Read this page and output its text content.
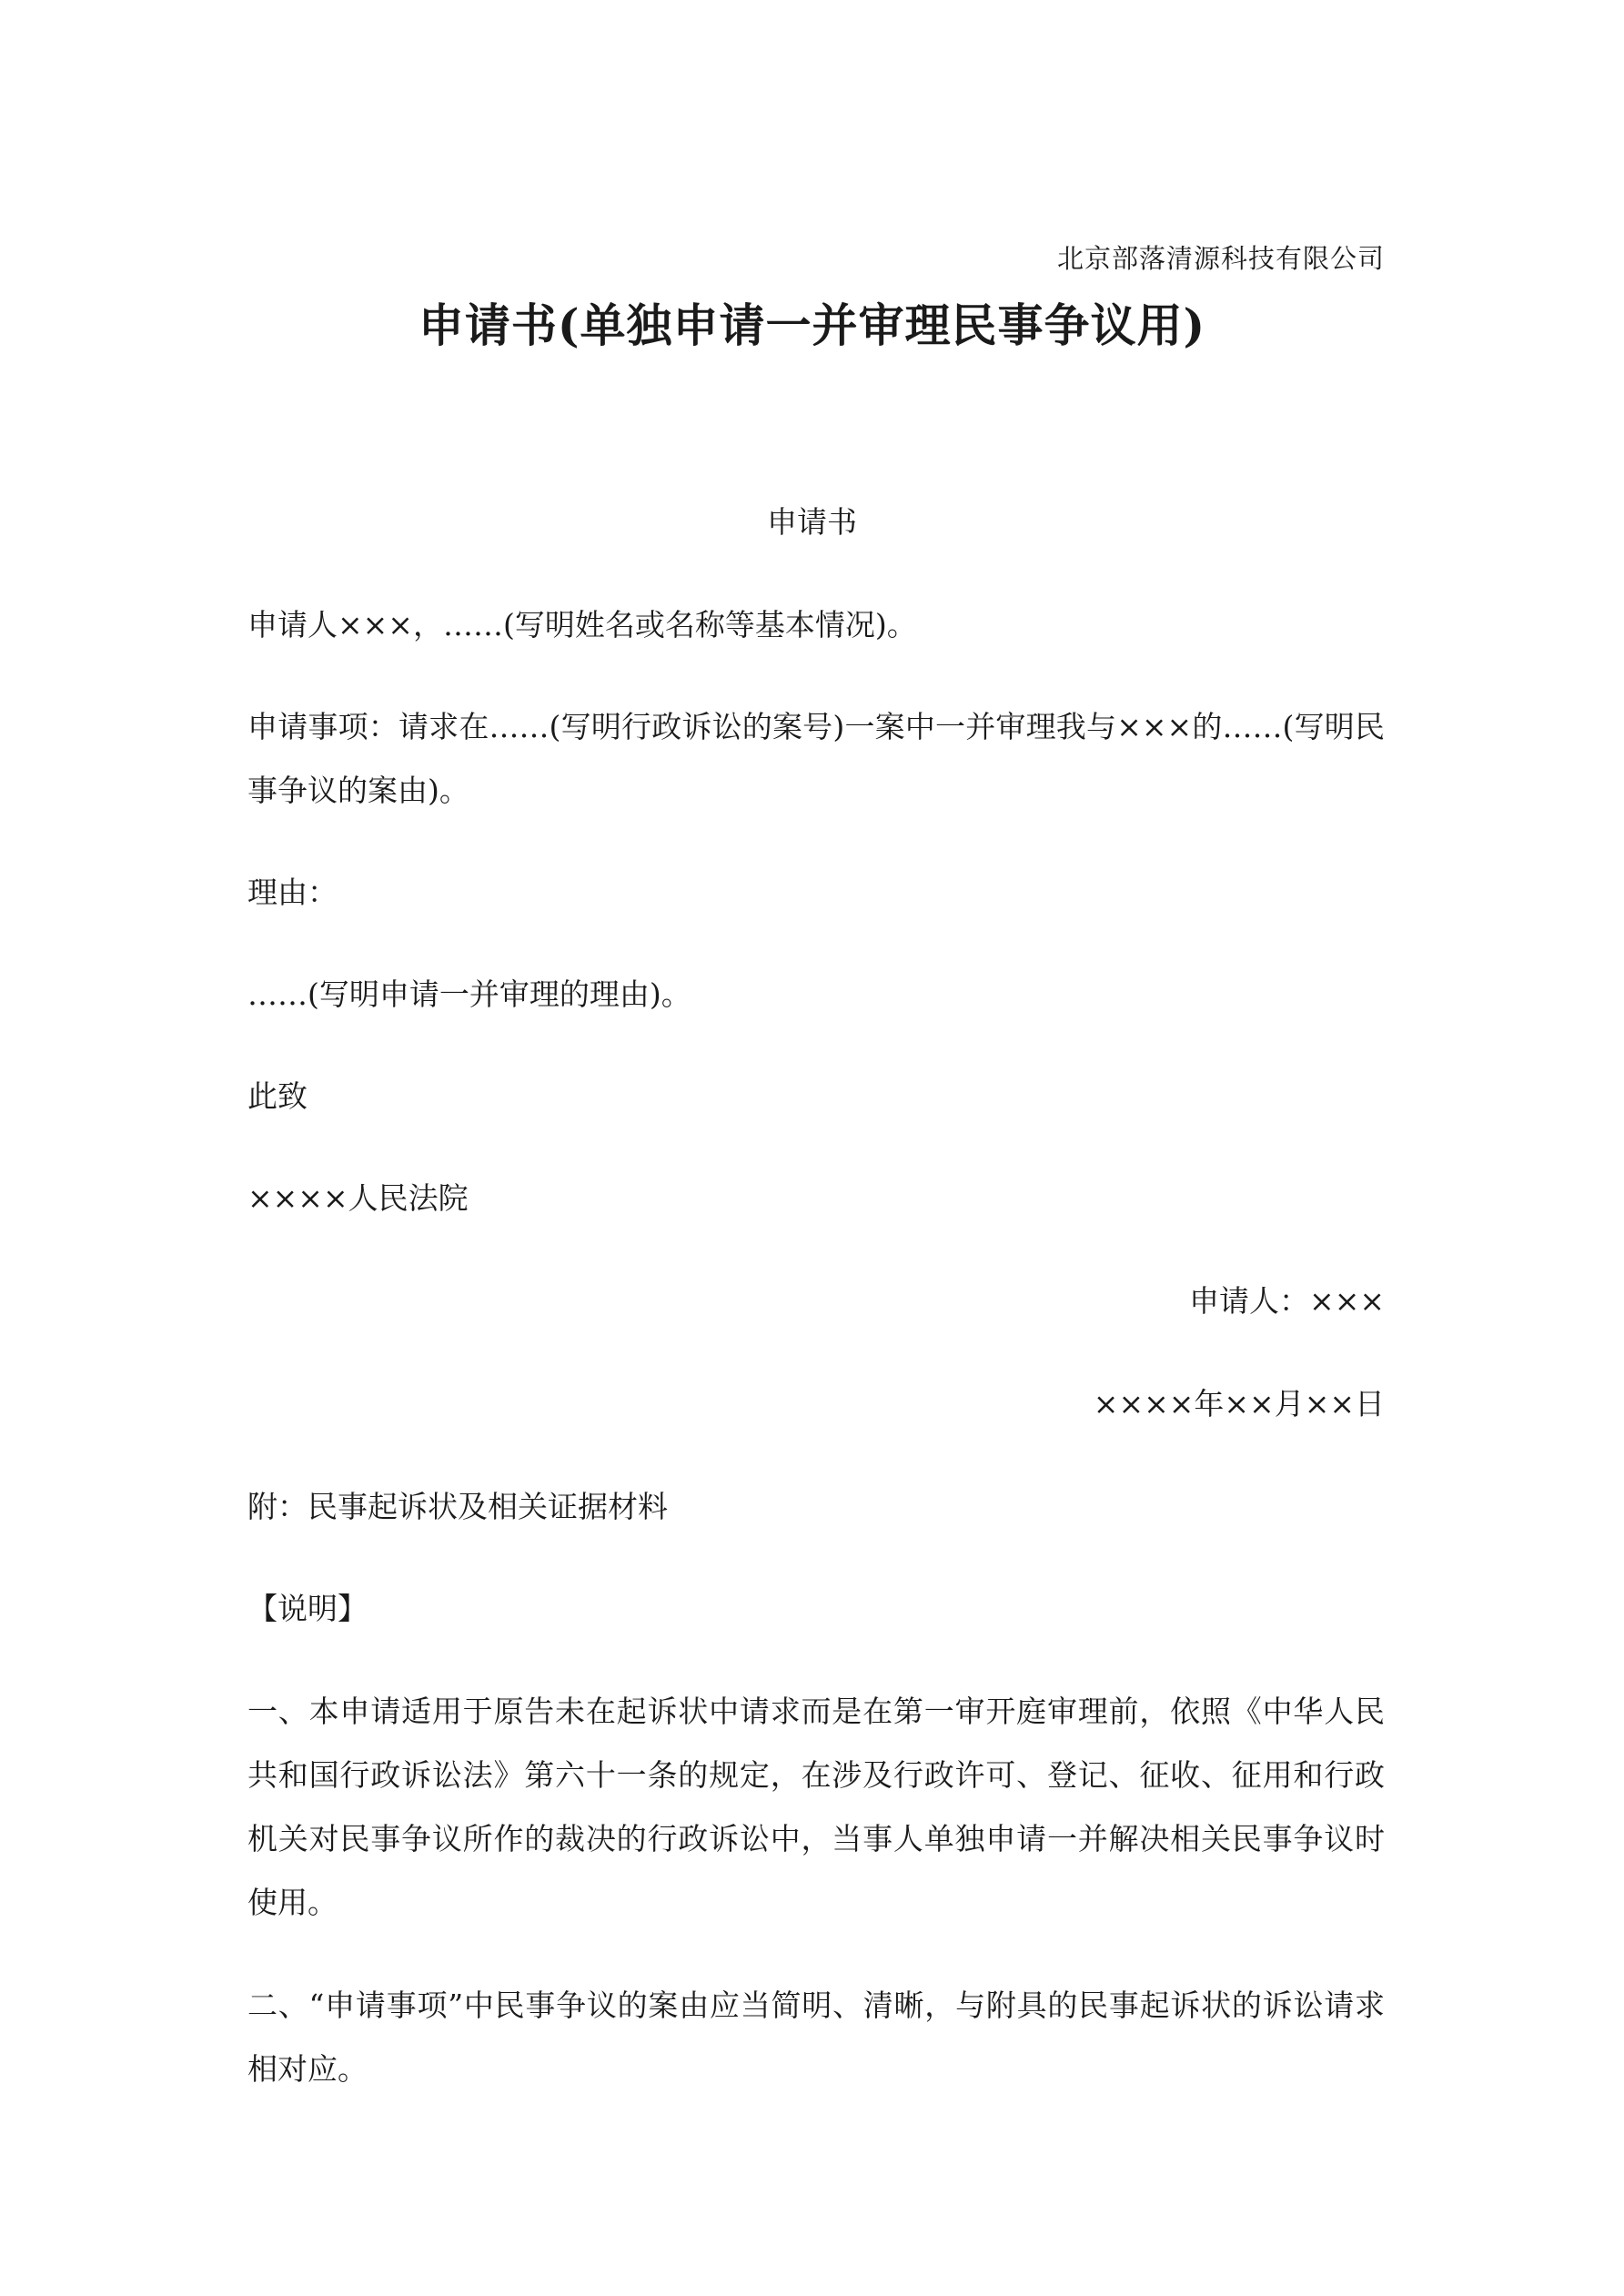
北京部落清源科技有限公司
申请书(单独申请一并审理民事争议用)
申请书
申请人×××，……(写明姓名或名称等基本情况)。
申请事项：请求在……(写明行政诉讼的案号)一案中一并审理我与×××的……(写明民事争议的案由)。
理由：
……(写明申请一并审理的理由)。
此致
××××人民法院
申请人：×××
××××年××月××日
附：民事起诉状及相关证据材料
【说明】
一、本申请适用于原告未在起诉状中请求而是在第一审开庭审理前，依照《中华人民共和国行政诉讼法》第六十一条的规定，在涉及行政许可、登记、征收、征用和行政机关对民事争议所作的裁决的行政诉讼中，当事人单独申请一并解决相关民事争议时使用。
二、“申请事项”中民事争议的案由应当简明、清晰，与附具的民事起诉状的诉讼请求相对应。
